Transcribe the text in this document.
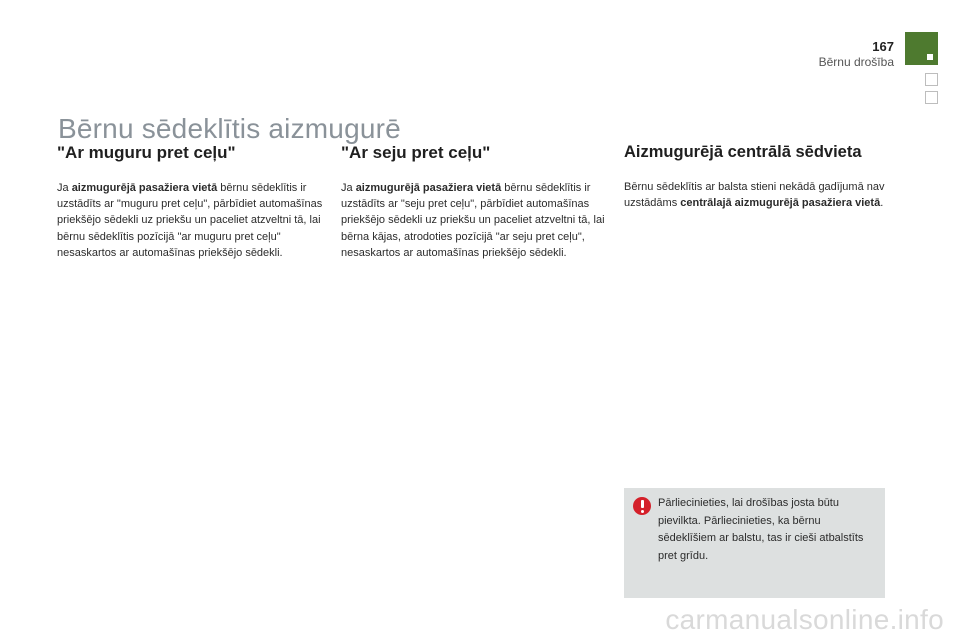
167
Bērnu drošība
Bērnu sēdeklītis aizmugurē
"Ar muguru pret ceļu"

Ja aizmugurējā pasažiera vietā bērnu sēdeklītis ir uzstādīts ar "muguru pret ceļu", pārbīdiet automašīnas priekšējo sēdekli uz priekšu un paceliet atzveltni tā, lai bērnu sēdeklītis pozīcijā "ar muguru pret ceļu" nesaskartos ar automašīnas priekšējo sēdekli.

"Ar seju pret ceļu"

Ja aizmugurējā pasažiera vietā bērnu sēdeklītis ir uzstādīts ar "seju pret ceļu", pārbīdiet automašīnas priekšējo sēdekli uz priekšu un paceliet atzveltni tā, lai bērna kājas, atrodoties pozīcijā "ar seju pret ceļu", nesaskartos ar automašīnas priekšējo sēdekli.

Aizmugurējā centrālā sēdvieta

Bērnu sēdeklītis ar balsta stieni nekādā gadījumā nav uzstādāms centrālajā aizmugurējā pasažiera vietā.

Pārliecinieties, lai drošības josta būtu pievilkta. Pārliecinieties, ka bērnu sēdeklīšiem ar balstu, tas ir cieši atbalstīts pret grīdu.

carmanualsonline.info
